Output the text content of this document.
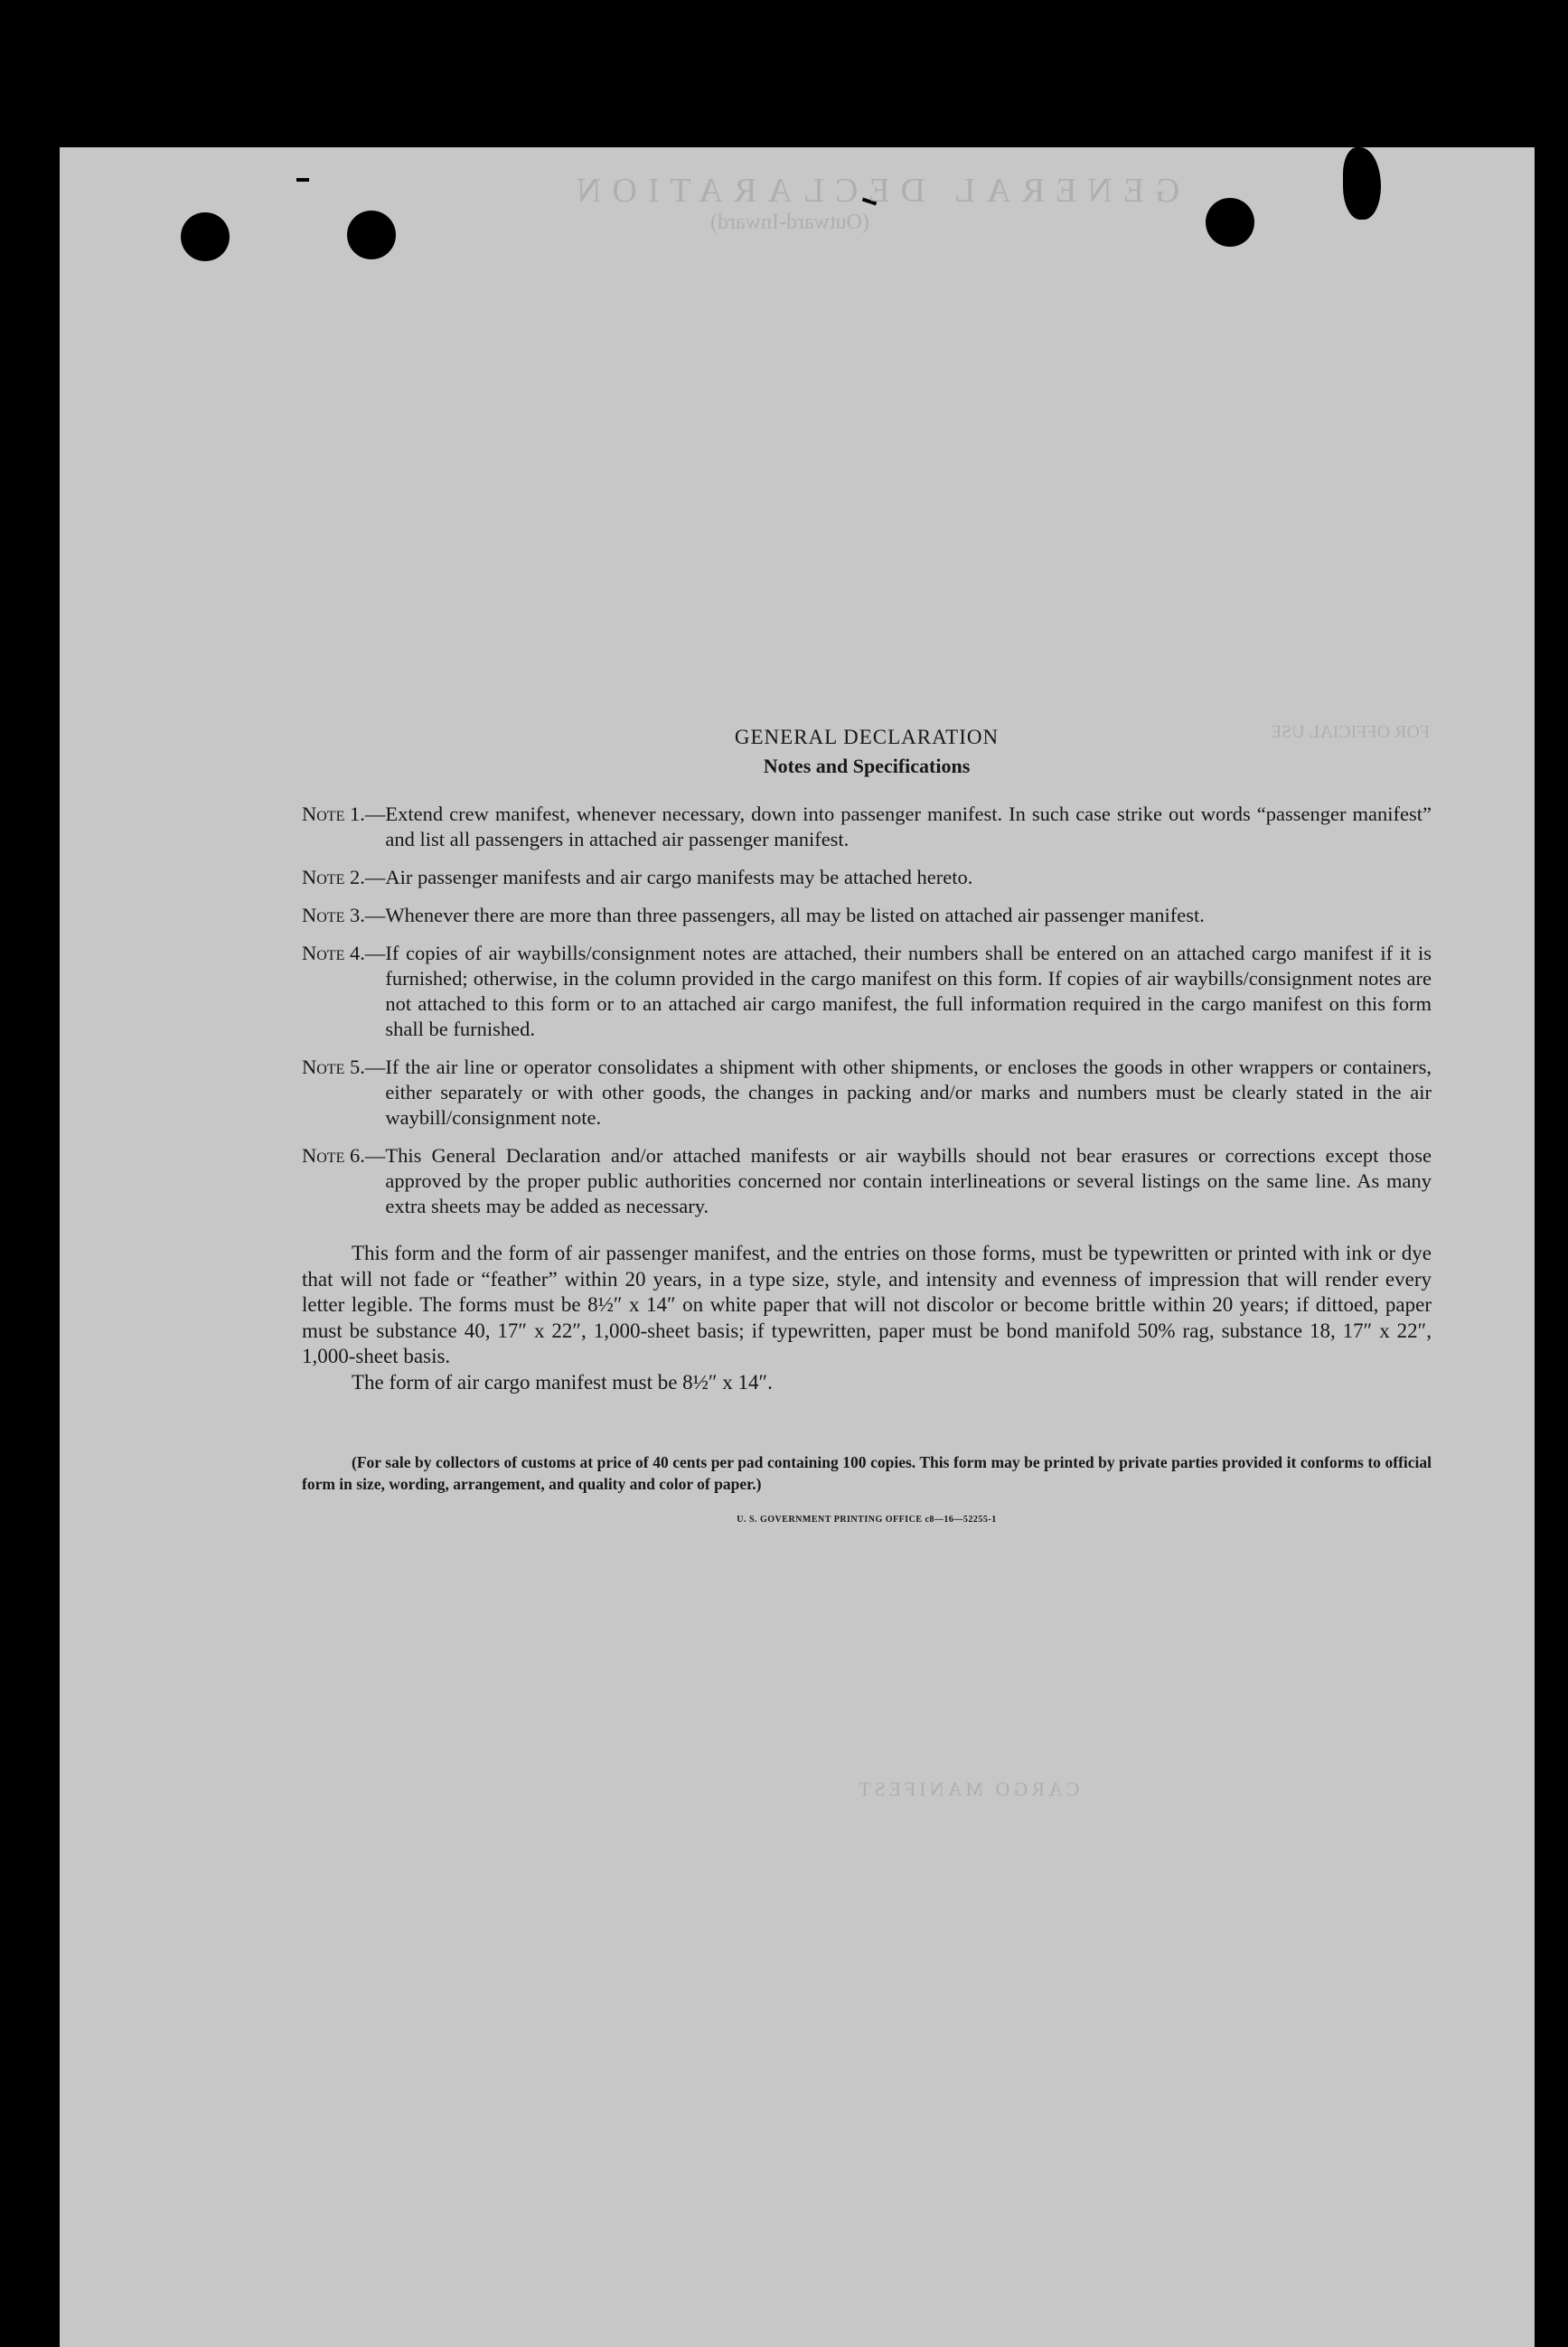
GENERAL DECLARATION
(Outward-Inward)
FOR OFFICIAL USE
CARGO MANIFEST
GENERAL DECLARATION
Notes and Specifications
Note 1.— Extend crew manifest, whenever necessary, down into passenger manifest. In such case strike out words “passenger manifest” and list all passengers in attached air passenger manifest.
Note 2.— Air passenger manifests and air cargo manifests may be attached hereto.
Note 3.— Whenever there are more than three passengers, all may be listed on attached air passenger manifest.
Note 4.— If copies of air waybills/consignment notes are attached, their numbers shall be entered on an attached cargo manifest if it is furnished; otherwise, in the column provided in the cargo manifest on this form. If copies of air waybills/consignment notes are not attached to this form or to an attached air cargo manifest, the full information required in the cargo manifest on this form shall be furnished.
Note 5.— If the air line or operator consolidates a shipment with other shipments, or encloses the goods in other wrappers or containers, either separately or with other goods, the changes in packing and/or marks and numbers must be clearly stated in the air waybill/consignment note.
Note 6.— This General Declaration and/or attached manifests or air waybills should not bear erasures or corrections except those approved by the proper public authorities concerned nor contain interlineations or several listings on the same line. As many extra sheets may be added as necessary.

This form and the form of air passenger manifest, and the entries on those forms, must be typewritten or printed with ink or dye that will not fade or “feather” within 20 years, in a type size, style, and intensity and evenness of impression that will render every letter legible. The forms must be 8½″ x 14″ on white paper that will not discolor or become brittle within 20 years; if dittoed, paper must be substance 40, 17″ x 22″, 1,000-sheet basis; if typewritten, paper must be bond manifold 50% rag, substance 18, 17″ x 22″, 1,000-sheet basis.

The form of air cargo manifest must be 8½″ x 14″.

(For sale by collectors of customs at price of 40 cents per pad containing 100 copies. This form may be printed by private parties provided it conforms to official form in size, wording, arrangement, and quality and color of paper.)

U. S. GOVERNMENT PRINTING OFFICE c8—16—52255-1
